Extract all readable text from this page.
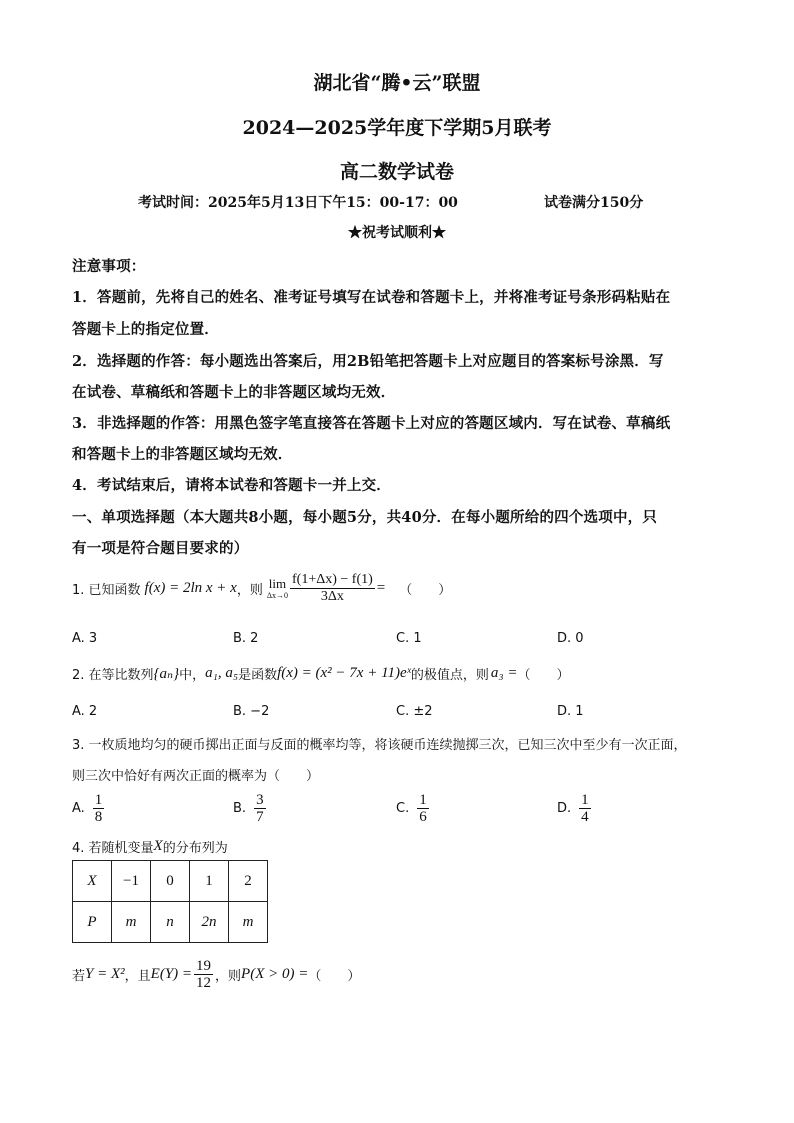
湖北省“腾•云”联盟
2024—2025学年度下学期5月联考
高二数学试卷
考试时间：2025年5月13日下午15：00-17：00	试卷满分150分
★祝考试顺利★
注意事项：
1．答题前，先将自己的姓名、准考证号填写在试卷和答题卡上，并将准考证号条形码粘贴在
答题卡上的指定位置．
2．选择题的作答：每小题选出答案后，用2B铅笔把答题卡上对应题目的答案标号涂黑．写
在试卷、草稿纸和答题卡上的非答题区域均无效．
3．非选择题的作答：用黑色签字笔直接答在答题卡上对应的答题区域内．写在试卷、草稿纸
和答题卡上的非答题区域均无效．
4．考试结束后，请将本试卷和答题卡一并上交．
一、单项选择题（本大题共8小题，每小题5分，共40分．在每小题所给的四个选项中，只
有一项是符合题目要求的）
1. 已知函数 f(x) = 2ln x + x ，则 lim
$\Delta x\to 0 \frac{f(1+\Delta x) - f(1)}{3\Delta x}$ = （　　）
A. 3	B. 2	C. 1	D. 0
2. 在等比数列 {aₙ} 中， a₁, a₅ 是函数 f(x) = (x² − 7x + 11)eˣ 的极值点，则 a₃ = （　　）
A. 2	B. −2	C. ±2	D. 1
3. 一枚质地均匀的硬币掷出正面与反面的概率均等，将该硬币连续抛掷三次，已知三次中至少有一次正面，
则三次中恰好有两次正面的概率为（　　）
A. $\frac{1}{8}$	B. $\frac{3}{7}$	C. $\frac{1}{6}$	D. $\frac{1}{4}$
4. 若随机变量 X 的分布列为
X	−1	0	1	2
P	m	n	2n	m
若 Y = X² ，且 $E(Y) = \frac{19}{12}$ ，则 P(X > 0) = （　　）
